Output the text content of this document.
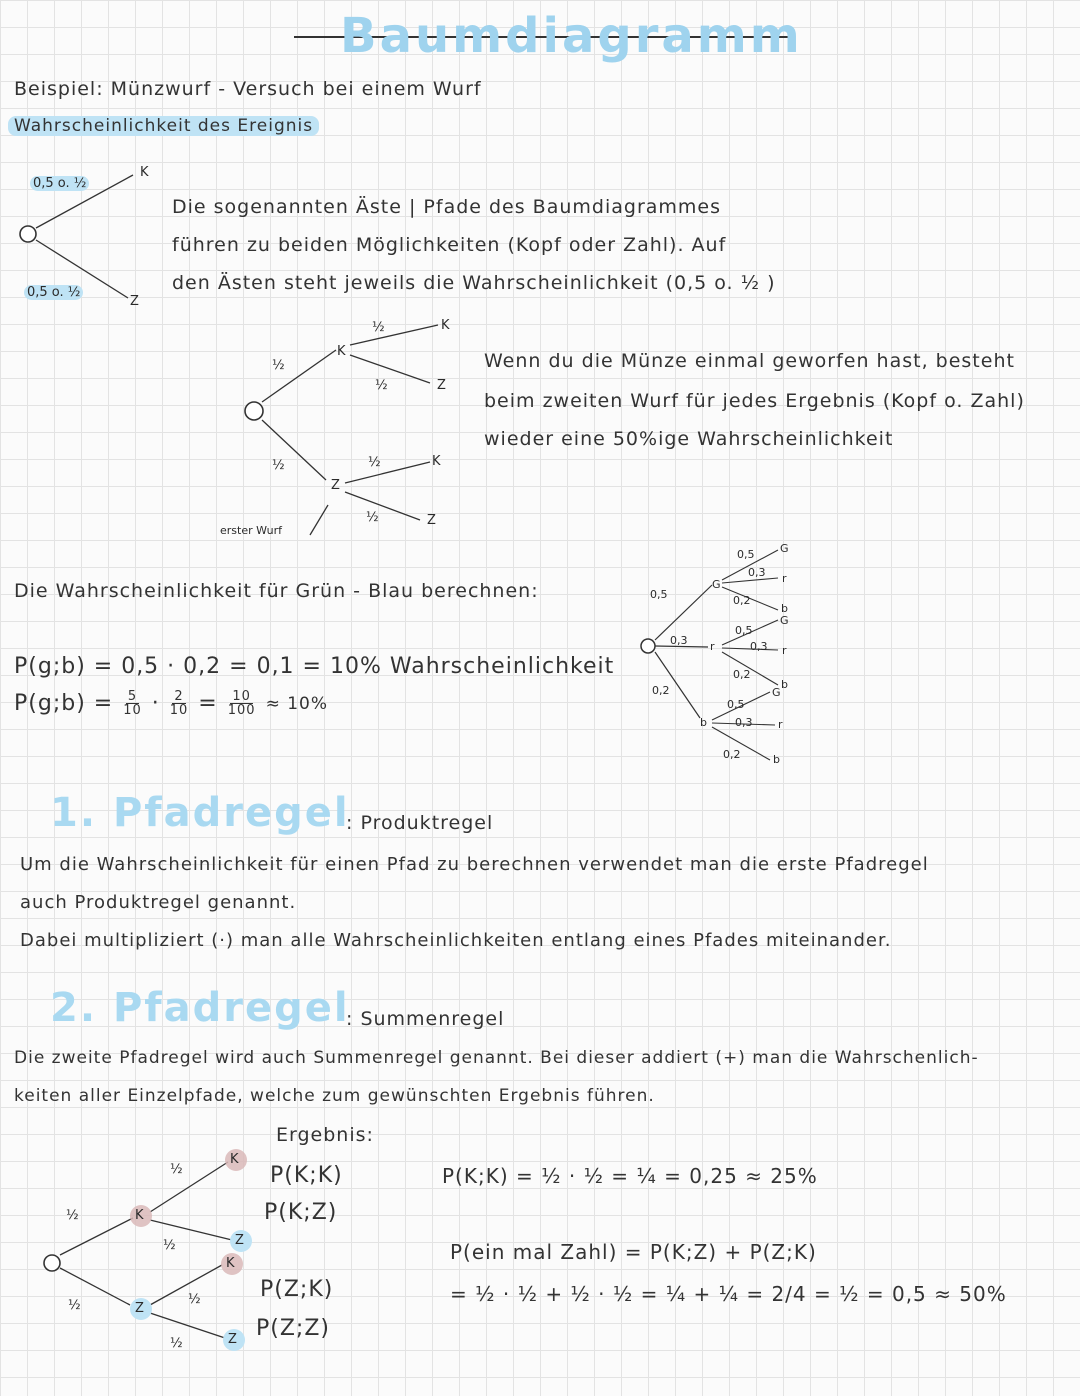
Baumdiagramm
Beispiel: Münzwurf - Versuch bei einem Wurf
Wahrscheinlichkeit des Ereignis
0,5 o. ½
0,5 o. ½
K
Z
Die sogenannten Äste | Pfade des Baumdiagrammes
führen zu beiden Möglichkeiten (Kopf oder Zahl). Auf
den Ästen steht jeweils die Wahrscheinlichkeit (0,5 o. ½ )
½
½
K
Z
½
½
½
½
K
Z
K
Z
erster Wurf
Wenn du die Münze einmal geworfen hast, besteht
beim zweiten Wurf für jedes Ergebnis (Kopf o. Zahl)
wieder eine 50%ige Wahrscheinlichkeit
Die Wahrscheinlichkeit für Grün - Blau berechnen:
P(g;b) = 0,5 · 0,2 = 0,1 = 10% Wahrscheinlichkeit
P(g;b) = $\frac{5}{10} \cdot \frac{2}{10} = \frac{10}{100} \approx 10\%$
0,5
0,3
0,2
G
r
b
0,5
0,3
0,2
0,5
0,3
0,2
0,5
0,3
0,2
G
r
b
G
r
b
G
r
b
1. Pfadregel
: Produktregel
Um die Wahrscheinlichkeit für einen Pfad zu berechnen verwendet man die erste Pfadregel
auch Produktregel genannt.
Dabei multipliziert (·) man alle Wahrscheinlichkeiten entlang eines Pfades miteinander.
2. Pfadregel
: Summenregel
Die zweite Pfadregel wird auch Summenregel genannt. Bei dieser addiert (+) man die Wahrschenlich-
keiten aller Einzelpfade, welche zum gewünschten Ergebnis führen.
½
½
K
Z
½
½
½
½
K
Z
K
Z
Ergebnis:
P(K;K)
P(K;Z)
P(Z;K)
P(Z;Z)
P(K;K) = ½ · ½ = ¼ = 0,25 ≈ 25%
P(ein mal Zahl) = P(K;Z) + P(Z;K)
= ½ · ½ + ½ · ½ = ¼ + ¼ = 2/4 = ½ = 0,5 ≈ 50%
